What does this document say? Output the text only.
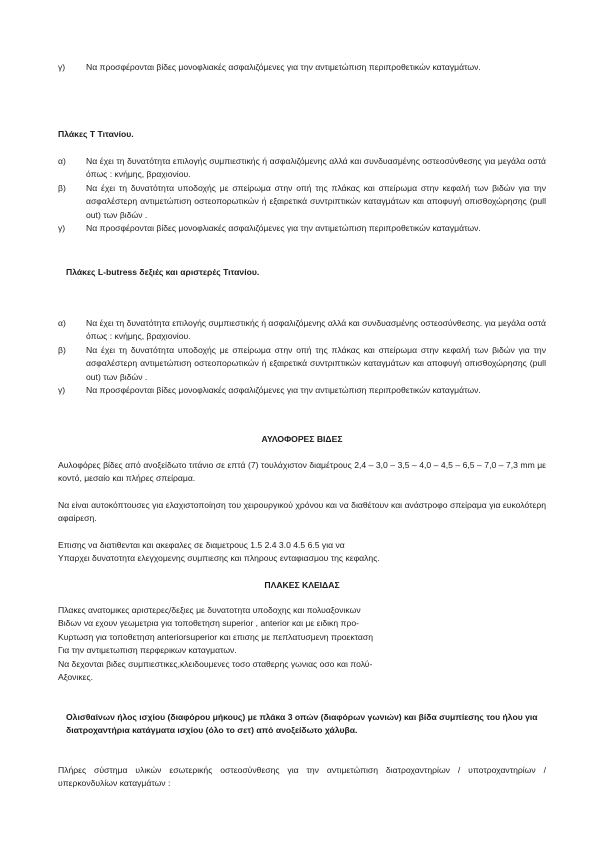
γ)	Να προσφέρονται βίδες μονοφλιακές ασφαλιζόμενες για την αντιμετώπιση περιπροθετικών καταγμάτων.

Πλάκες Τ Τιτανίου.

α)	Να έχει τη δυνατότητα επιλογής συμπιεστικής ή ασφαλιζόμενης αλλά και συνδυασμένης οστεοσύνθεσης για μεγάλα οστά όπως : κνήμης, βραχιονίου.
β)	Να έχει τη δυνατότητα υποδοχής με σπείρωμα στην οπή της πλάκας και σπείρωμα στην κεφαλή των βιδών για την ασφαλέστερη αντιμετώπιση οστεοπορωτικών ή εξαιρετικά συντριπτικών καταγμάτων και αποφυγή οπισθοχώρησης (pull out) των βιδών .
γ)	Να προσφέρονται βίδες μονοφλιακές ασφαλιζόμενες για την αντιμετώπιση περιπροθετικών καταγμάτων.

Πλάκες L-butress δεξιές και αριστερές Τιτανίου.

α)	Να έχει τη δυνατότητα επιλογής συμπιεστικής ή ασφαλιζόμενης αλλά και συνδυασμένης οστεοσύνθεσης. για μεγάλα οστά όπως : κνήμης, βραχιονίου.
β)	Να έχει τη δυνατότητα υποδοχής με σπείρωμα στην οπή της πλάκας και σπείρωμα στην κεφαλή των βιδών για την ασφαλέστερη αντιμετώπιση οστεοπορωτικών ή εξαιρετικά συντριπτικών καταγμάτων και αποφυγή οπισθοχώρησης (pull out) των βιδών .
γ)	Να προσφέρονται βίδες μονοφλιακές ασφαλιζόμενες για την αντιμετώπιση περιπροθετικών καταγμάτων.

ΑΥΛΟΦΟΡΕΣ ΒΙΔΕΣ

Αυλοφόρες βίδες από ανοξείδωτο τιτάνιο σε επτά (7) τουλάχιστον διαμέτρους 2,4 – 3,0 – 3,5 – 4,0 – 4,5 – 6,5 – 7,0 – 7,3 mm με κοντό, μεσαίο και πλήρες σπείραμα.

Να είναι αυτοκόπτουσες για ελαχιστοποίηση του χειρουργικού χρόνου και να διαθέτουν και ανάστροφο σπείραμα για ευκολότερη αφαίρεση.

Επισης να διατιθενται και ακεφαλες σε διαμετρους 1.5 2.4 3.0 4.5 6.5 για να

Υπαρχει δυνατοτητα ελεγχομενης συμπιεσης και πληρους ενταφιασμου της κεφαλης.

ΠΛΑΚΕΣ ΚΛΕΙΔΑΣ

Πλακες ανατομικες αριστερες/δεξιες με δυνατοτητα υποδοχης και πολυαξονικων

Βιδων να εχουν γεωμετρια για τοποθετηση superior , anterior και με ειδικη προ-

Κυρτωση για τοποθετηση anteriorsuperior και επισης με πεπλατυσμενη προεκταση

Για την αντιμετωπιση περφερικων καταγματων.

Να δεχονται βιδες συμπιεστικες,κλειδουμενες τοσο σταθερης γωνιας οσο και πολύ-

Αξονικες.

Ολισθαίνων ήλος ισχίου (διαφόρου μήκους) με πλάκα 3 οπών (διαφόρων γωνιών) και βίδα συμπίεσης του ήλου για διατροχαντήρια κατάγματα ισχίου (όλο το σετ) από ανοξείδωτο χάλυβα.

Πλήρες σύστημα υλικών εσωτερικής οστεοσύνθεσης για την αντιμετώπιση διατροχαντηρίων / υποτροχαντηρίων / υπερκονδυλίων καταγμάτων :
